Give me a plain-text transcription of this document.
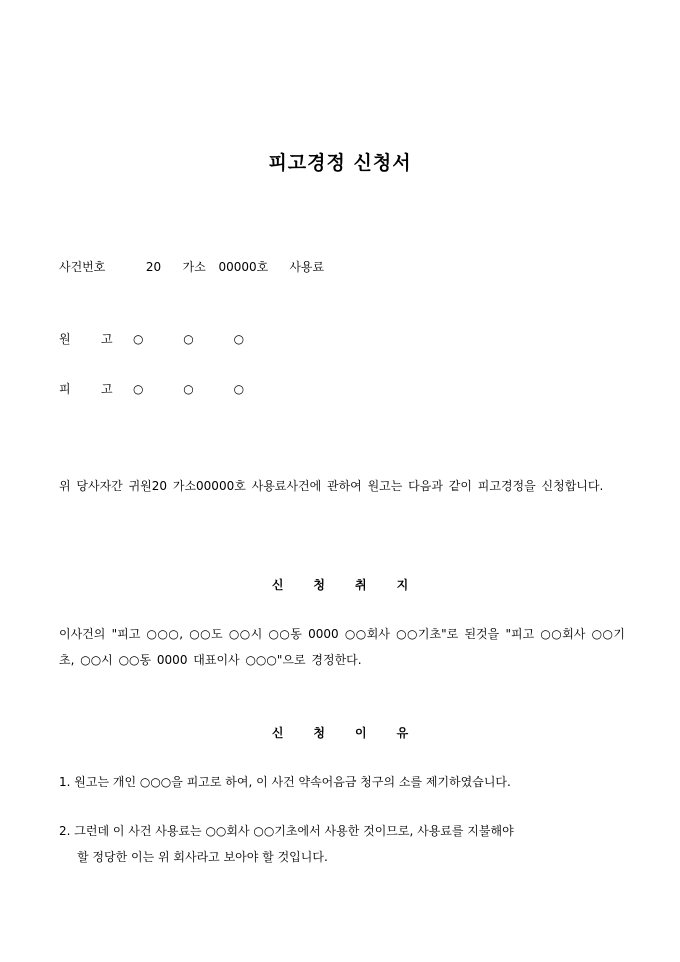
피고경정 신청서
사건번호	20 가소 00000호 사용료
원	고 ○ ○ ○
피	고 ○ ○ ○
위 당사자간 귀원20 가소00000호 사용료사건에 관하여 원고는 다음과 같이 피고경정을 신청합니다.
신청취지
이사건의 "피고 ○○○, ○○도 ○○시 ○○동 0000 ○○회사 ○○기초"로 된것을 "피고 ○○회사 ○○기초, ○○시 ○○동 0000 대표이사 ○○○"으로 경정한다.
신청이유
1. 원고는 개인 ○○○을 피고로 하여, 이 사건 약속어음금 청구의 소를 제기하였습니다.
2. 그런데 이 사건 사용료는 ○○회사 ○○기초에서 사용한 것이므로, 사용료를 지불해야
할 정당한 이는 위 회사라고 보아야 할 것입니다.
